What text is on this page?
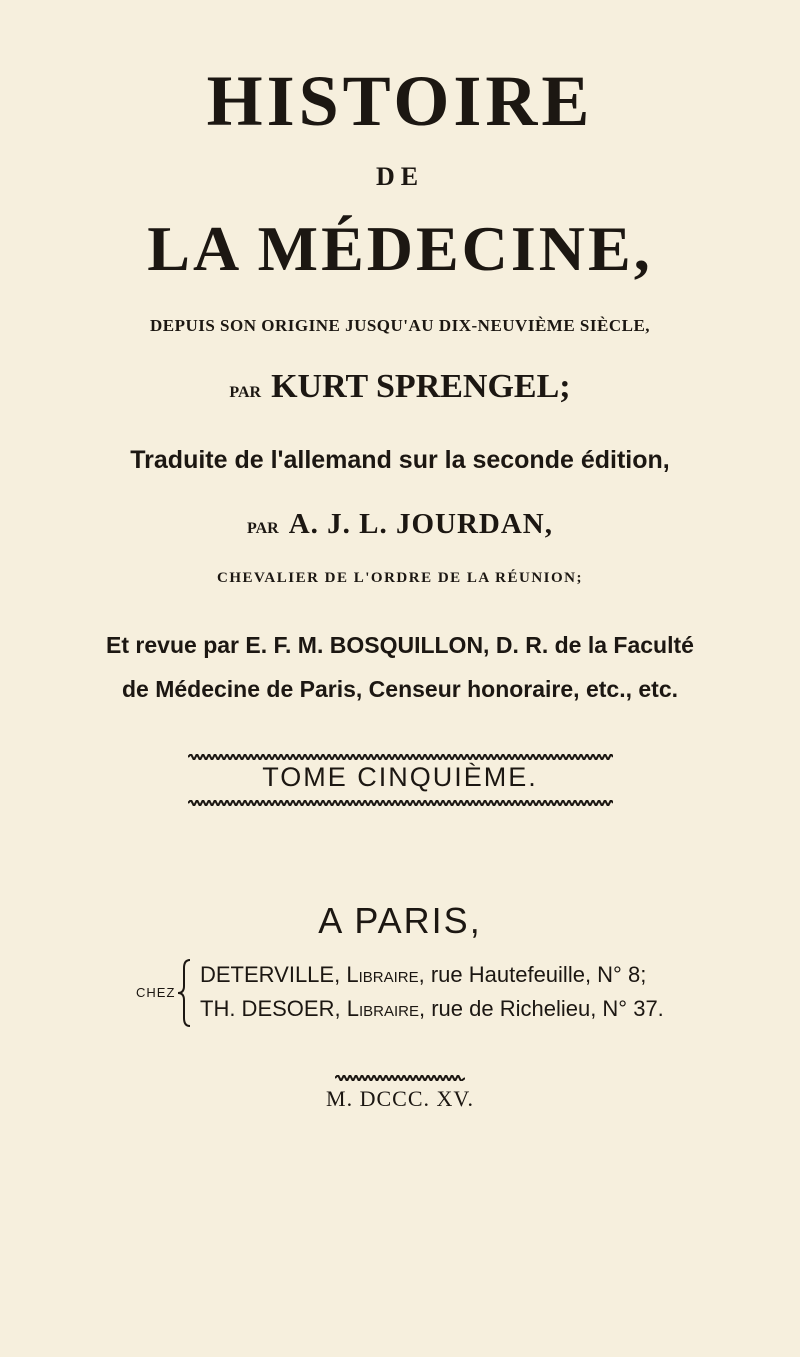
HISTOIRE
DE
LA MÉDECINE,
DEPUIS SON ORIGINE JUSQU'AU DIX-NEUVIÈME SIÈCLE,
PAR KURT SPRENGEL;
Traduite de l'allemand sur la seconde édition,
PAR A. J. L. JOURDAN,
CHEVALIER DE L'ORDRE DE LA RÉUNION;
Et revue par E. F. M. BOSQUILLON, D. R. de la Faculté
de Médecine de Paris, Censeur honoraire, etc., etc.
TOME CINQUIÈME.
A PARIS,
CHEZ
DETERVILLE, Libraire, rue Hautefeuille, N° 8;
TH. DESOER, Libraire, rue de Richelieu, N° 37.
M. DCCC. XV.
